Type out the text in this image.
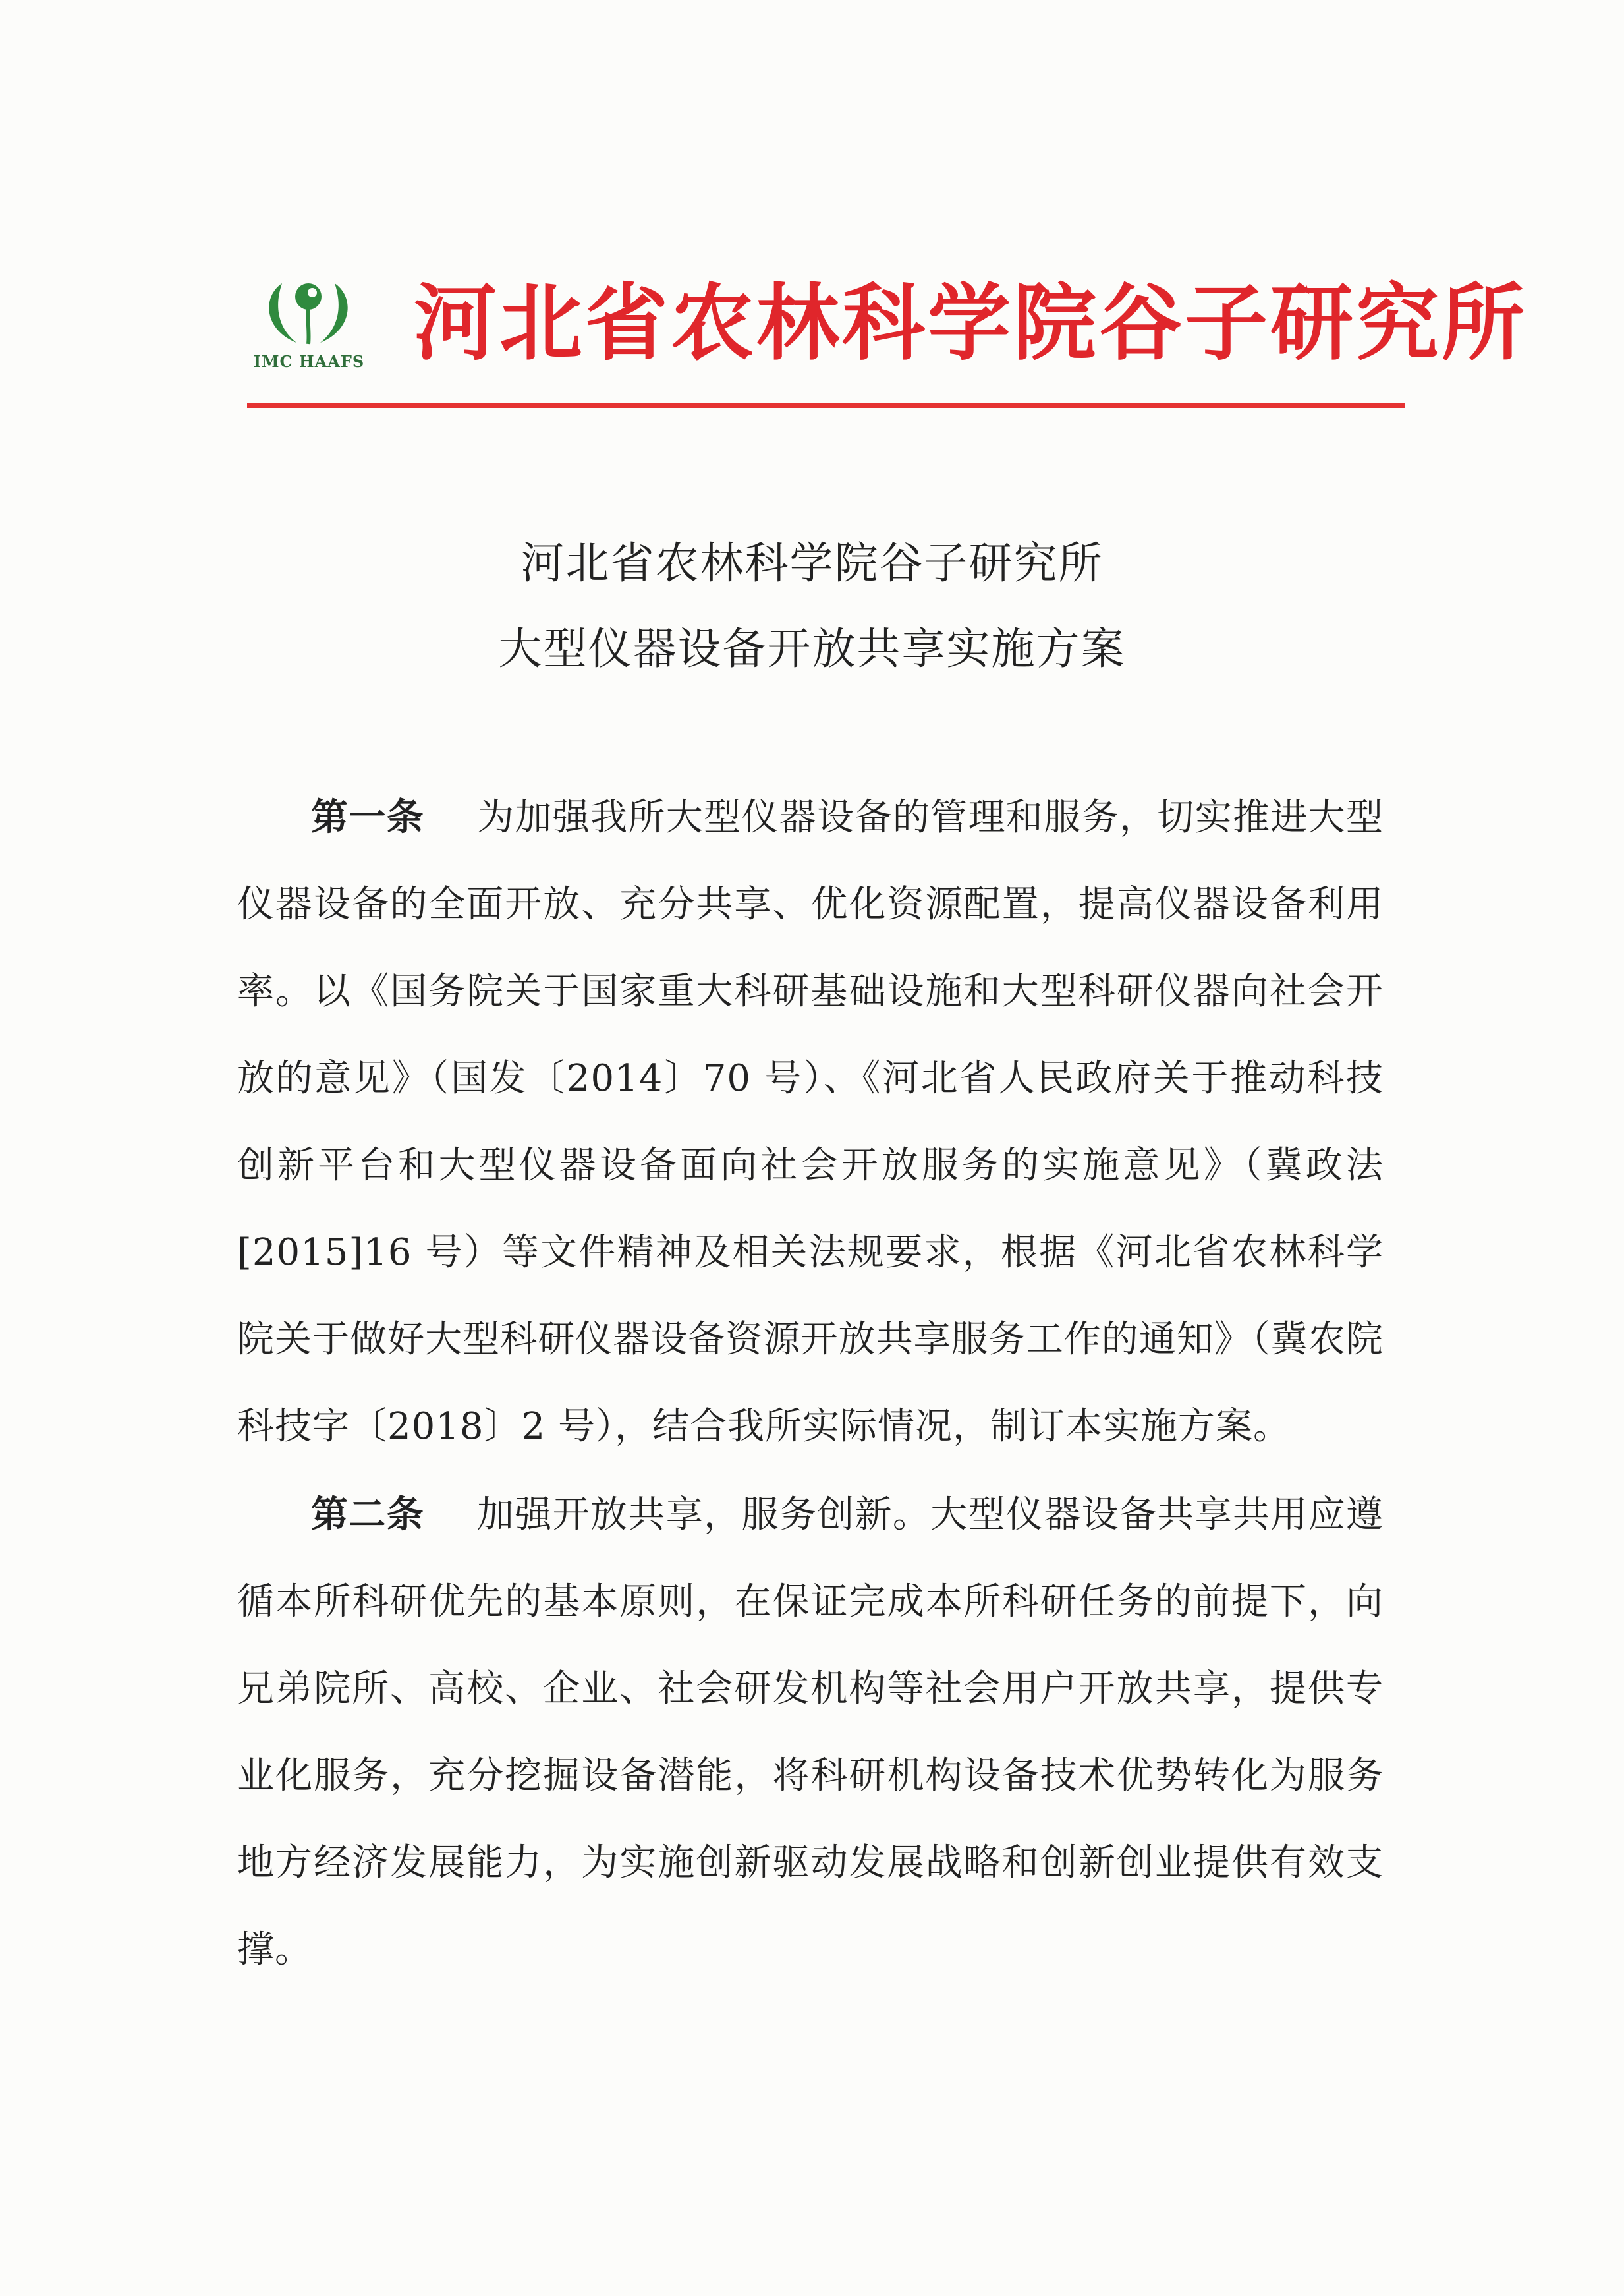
IMC HAAFS 河北省农林科学院谷子研究所
河北省农林科学院谷子研究所
大型仪器设备开放共享实施方案

第一条 为加强我所大型仪器设备的管理和服务，切实推进大型仪器设备的全面开放、充分共享、优化资源配置，提高仪器设备利用率。以《国务院关于国家重大科研基础设施和大型科研仪器向社会开放的意见》（国发〔2014〕70 号）、《河北省人民政府关于推动科技创新平台和大型仪器设备面向社会开放服务的实施意见》（冀政法[2015]16 号）等文件精神及相关法规要求，根据《河北省农林科学院关于做好大型科研仪器设备资源开放共享服务工作的通知》（冀农院科技字〔2018〕2 号），结合我所实际情况，制订本实施方案。

第二条 加强开放共享，服务创新。大型仪器设备共享共用应遵循本所科研优先的基本原则，在保证完成本所科研任务的前提下，向兄弟院所、高校、企业、社会研发机构等社会用户开放共享，提供专业化服务，充分挖掘设备潜能，将科研机构设备技术优势转化为服务地方经济发展能力，为实施创新驱动发展战略和创新创业提供有效支撑。
